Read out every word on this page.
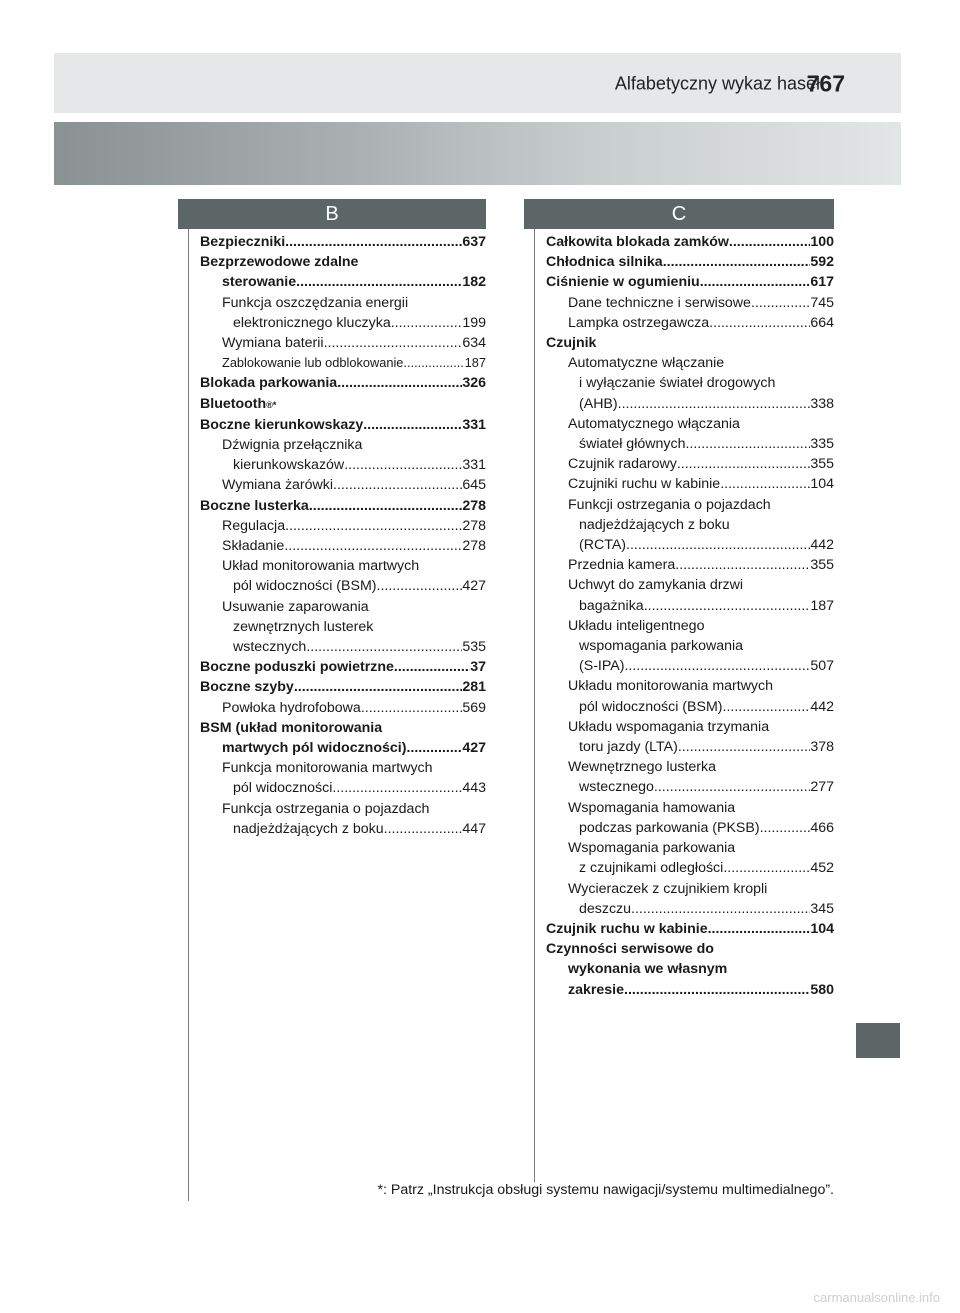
Alfabetyczny wykaz haseł
767
B	C
Bezpieczniki .....	637
Bezprzewodowe zdalne
sterowanie .....	182
Funkcja oszczędzania energii
elektronicznego kluczyka .....	199
Wymiana baterii .....	634
Zablokowanie lub odblokowanie .....	187
Blokada parkowania .....	326
Bluetooth ®*
Boczne kierunkowskazy .....	331
Dźwignia przełącznika
kierunkowskazów .....	331
Wymiana żarówki .....	645
Boczne lusterka .....	278
Regulacja .....	278
Składanie .....	278
Układ monitorowania martwych
pól widoczności (BSM) .....	427
Usuwanie zaparowania
zewnętrznych lusterek
wstecznych .....	535
Boczne poduszki powietrzne .....	37
Boczne szyby .....	281
Powłoka hydrofobowa .....	569
BSM (układ monitorowania
martwych pól widoczności) .....	427
Funkcja monitorowania martwych
pól widoczności .....	443
Funkcja ostrzegania o pojazdach
nadjeżdżających z boku .....	447
Całkowita blokada zamków .....	100
Chłodnica silnika .....	592
Ciśnienie w ogumieniu .....	617
Dane techniczne i serwisowe .....	745
Lampka ostrzegawcza .....	664
Czujnik
Automatyczne włączanie
i wyłączanie świateł drogowych
(AHB) .....	338
Automatycznego włączania
świateł głównych .....	335
Czujnik radarowy .....	355
Czujniki ruchu w kabinie .....	104
Funkcji ostrzegania o pojazdach
nadjeżdżających z boku
(RCTA) .....	442
Przednia kamera .....	355
Uchwyt do zamykania drzwi
bagażnika .....	187
Układu inteligentnego
wspomagania parkowania
(S-IPA) .....	507
Układu monitorowania martwych
pól widoczności (BSM) .....	442
Układu wspomagania trzymania
toru jazdy (LTA) .....	378
Wewnętrznego lusterka
wstecznego .....	277
Wspomagania hamowania
podczas parkowania (PKSB) .....	466
Wspomagania parkowania
z czujnikami odległości .....	452
Wycieraczek z czujnikiem kropli
deszczu .....	345
Czujnik ruchu w kabinie .....	104
Czynności serwisowe do
wykonania we własnym
zakresie .....	580
*: Patrz „Instrukcja obsługi systemu nawigacji/systemu multimedialnego”.
carmanualsonline.info
